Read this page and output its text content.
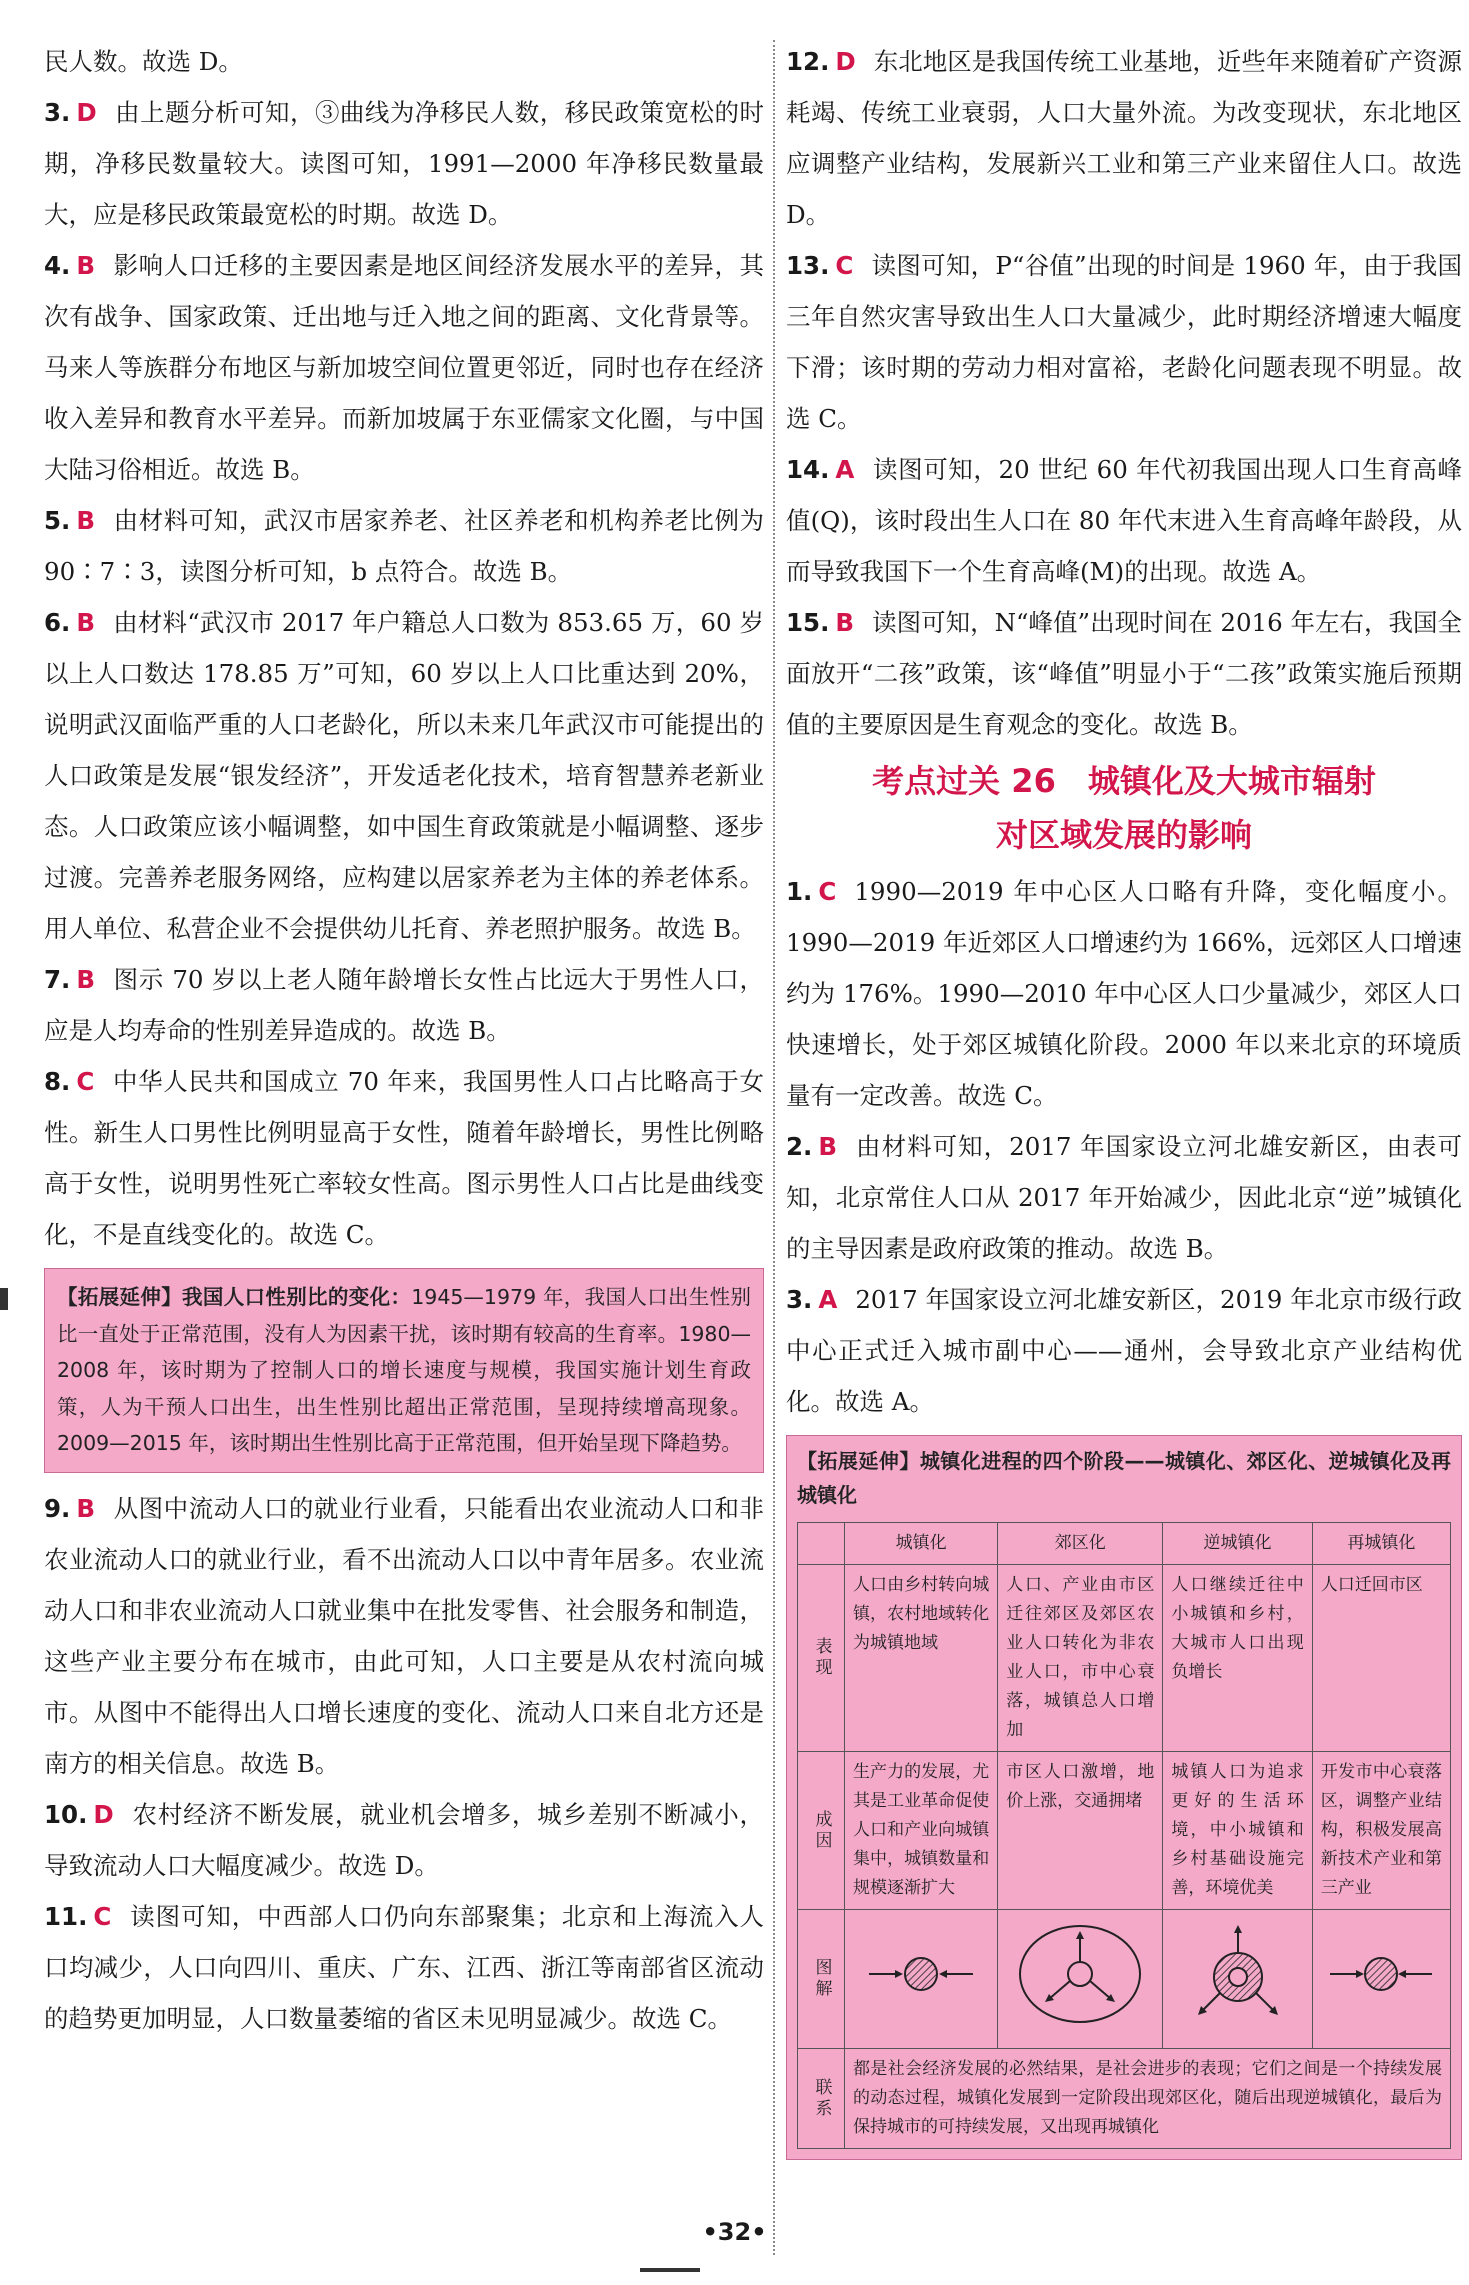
民人数。故选 D。

3. D 由上题分析可知，③曲线为净移民人数，移民政策宽松的时期，净移民数量较大。读图可知，1991—2000 年净移民数量最大，应是移民政策最宽松的时期。故选 D。

4. B 影响人口迁移的主要因素是地区间经济发展水平的差异，其次有战争、国家政策、迁出地与迁入地之间的距离、文化背景等。马来人等族群分布地区与新加坡空间位置更邻近，同时也存在经济收入差异和教育水平差异。而新加坡属于东亚儒家文化圈，与中国大陆习俗相近。故选 B。

5. B 由材料可知，武汉市居家养老、社区养老和机构养老比例为 90∶7∶3，读图分析可知，b 点符合。故选 B。

6. B 由材料“武汉市 2017 年户籍总人口数为 853.65 万，60 岁以上人口数达 178.85 万”可知，60 岁以上人口比重达到 20%，说明武汉面临严重的人口老龄化，所以未来几年武汉市可能提出的人口政策是发展“银发经济”，开发适老化技术，培育智慧养老新业态。人口政策应该小幅调整，如中国生育政策就是小幅调整、逐步过渡。完善养老服务网络，应构建以居家养老为主体的养老体系。用人单位、私营企业不会提供幼儿托育、养老照护服务。故选 B。

7. B 图示 70 岁以上老人随年龄增长女性占比远大于男性人口，应是人均寿命的性别差异造成的。故选 B。

8. C 中华人民共和国成立 70 年来，我国男性人口占比略高于女性。新生人口男性比例明显高于女性，随着年龄增长，男性比例略高于女性，说明男性死亡率较女性高。图示男性人口占比是曲线变化，不是直线变化的。故选 C。

【拓展延伸】我国人口性别比的变化：1945—1979 年，我国人口出生性别比一直处于正常范围，没有人为因素干扰，该时期有较高的生育率。1980—2008 年，该时期为了控制人口的增长速度与规模，我国实施计划生育政策，人为干预人口出生，出生性别比超出正常范围，呈现持续增高现象。2009—2015 年，该时期出生性别比高于正常范围，但开始呈现下降趋势。

9. B 从图中流动人口的就业行业看，只能看出农业流动人口和非农业流动人口的就业行业，看不出流动人口以中青年居多。农业流动人口和非农业流动人口就业集中在批发零售、社会服务和制造，这些产业主要分布在城市，由此可知，人口主要是从农村流向城市。从图中不能得出人口增长速度的变化、流动人口来自北方还是南方的相关信息。故选 B。

10. D 农村经济不断发展，就业机会增多，城乡差别不断减小，导致流动人口大幅度减少。故选 D。

11. C 读图可知，中西部人口仍向东部聚集；北京和上海流入人口均减少，人口向四川、重庆、广东、江西、浙江等南部省区流动的趋势更加明显，人口数量萎缩的省区未见明显减少。故选 C。

12. D 东北地区是我国传统工业基地，近些年来随着矿产资源耗竭、传统工业衰弱，人口大量外流。为改变现状，东北地区应调整产业结构，发展新兴工业和第三产业来留住人口。故选 D。

13. C 读图可知，P“谷值”出现的时间是 1960 年，由于我国三年自然灾害导致出生人口大量减少，此时期经济增速大幅度下滑；该时期的劳动力相对富裕，老龄化问题表现不明显。故选 C。

14. A 读图可知，20 世纪 60 年代初我国出现人口生育高峰值(Q)，该时段出生人口在 80 年代末进入生育高峰年龄段，从而导致我国下一个生育高峰(M)的出现。故选 A。

15. B 读图可知，N“峰值”出现时间在 2016 年左右，我国全面放开“二孩”政策，该“峰值”明显小于“二孩”政策实施后预期值的主要原因是生育观念的变化。故选 B。

考点过关 26　城镇化及大城市辐射

对区域发展的影响

1. C 1990—2019 年中心区人口略有升降，变化幅度小。1990—2019 年近郊区人口增速约为 166%，远郊区人口增速约为 176%。1990—2010 年中心区人口少量减少，郊区人口快速增长，处于郊区城镇化阶段。2000 年以来北京的环境质量有一定改善。故选 C。

2. B 由材料可知，2017 年国家设立河北雄安新区，由表可知，北京常住人口从 2017 年开始减少，因此北京“逆”城镇化的主导因素是政府政策的推动。故选 B。

3. A 2017 年国家设立河北雄安新区，2019 年北京市级行政中心正式迁入城市副中心——通州，会导致北京产业结构优化。故选 A。

【拓展延伸】城镇化进程的四个阶段——城镇化、郊区化、逆城镇化及再城镇化
	城镇化	郊区化	逆城镇化	再城镇化
表现	人口由乡村转向城镇，农村地域转化为城镇地域	人口、产业由市区迁往郊区及郊区农业人口转化为非农业人口，市中心衰落，城镇总人口增加	人口继续迁往中小城镇和乡村，大城市人口出现负增长	人口迁回市区
成因	生产力的发展，尤其是工业革命促使人口和产业向城镇集中，城镇数量和规模逐渐扩大	市区人口激增，地价上涨，交通拥堵	城镇人口为追求更好的生活环境，中小城镇和乡村基础设施完善，环境优美	开发市中心衰落区，调整产业结构，积极发展高新技术产业和第三产业
图解				
联系	都是社会经济发展的必然结果，是社会进步的表现；它们之间是一个持续发展的动态过程，城镇化发展到一定阶段出现郊区化，随后出现逆城镇化，最后为保持城市的可持续发展，又出现再城镇化			
•32•
